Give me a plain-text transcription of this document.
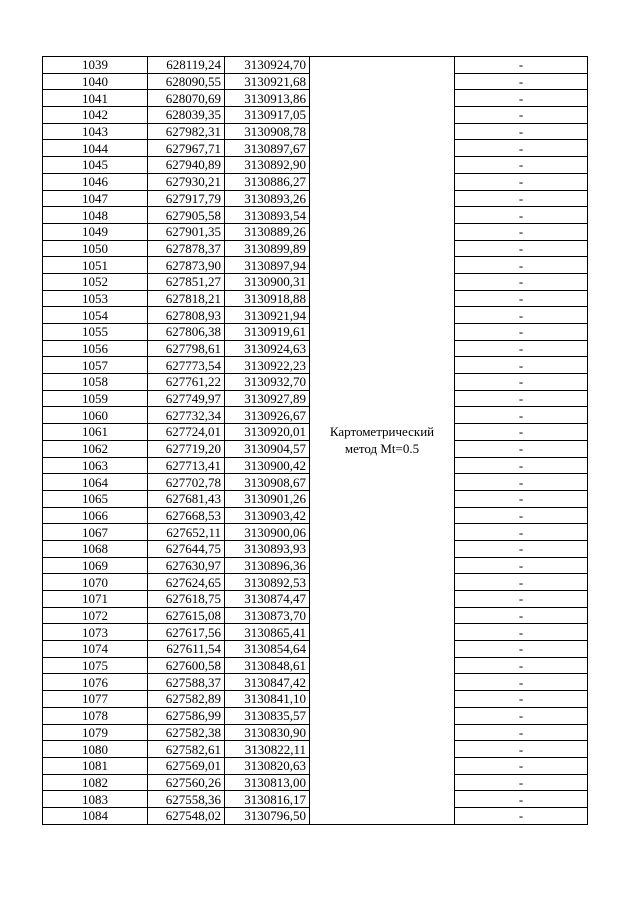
1039	628119,24	3130924,70	Картометрический метод Mt=0.5	-
1040	628090,55	3130921,68		-
1041	628070,69	3130913,86		-
1042	628039,35	3130917,05		-
1043	627982,31	3130908,78		-
1044	627967,71	3130897,67		-
1045	627940,89	3130892,90		-
1046	627930,21	3130886,27		-
1047	627917,79	3130893,26		-
1048	627905,58	3130893,54		-
1049	627901,35	3130889,26		-
1050	627878,37	3130899,89		-
1051	627873,90	3130897,94		-
1052	627851,27	3130900,31		-
1053	627818,21	3130918,88		-
1054	627808,93	3130921,94		-
1055	627806,38	3130919,61		-
1056	627798,61	3130924,63		-
1057	627773,54	3130922,23		-
1058	627761,22	3130932,70		-
1059	627749,97	3130927,89		-
1060	627732,34	3130926,67		-
1061	627724,01	3130920,01		-
1062	627719,20	3130904,57		-
1063	627713,41	3130900,42		-
1064	627702,78	3130908,67		-
1065	627681,43	3130901,26		-
1066	627668,53	3130903,42		-
1067	627652,11	3130900,06		-
1068	627644,75	3130893,93		-
1069	627630,97	3130896,36		-
1070	627624,65	3130892,53		-
1071	627618,75	3130874,47		-
1072	627615,08	3130873,70		-
1073	627617,56	3130865,41		-
1074	627611,54	3130854,64		-
1075	627600,58	3130848,61		-
1076	627588,37	3130847,42		-
1077	627582,89	3130841,10		-
1078	627586,99	3130835,57		-
1079	627582,38	3130830,90		-
1080	627582,61	3130822,11		-
1081	627569,01	3130820,63		-
1082	627560,26	3130813,00		-
1083	627558,36	3130816,17		-
1084	627548,02	3130796,50		-
